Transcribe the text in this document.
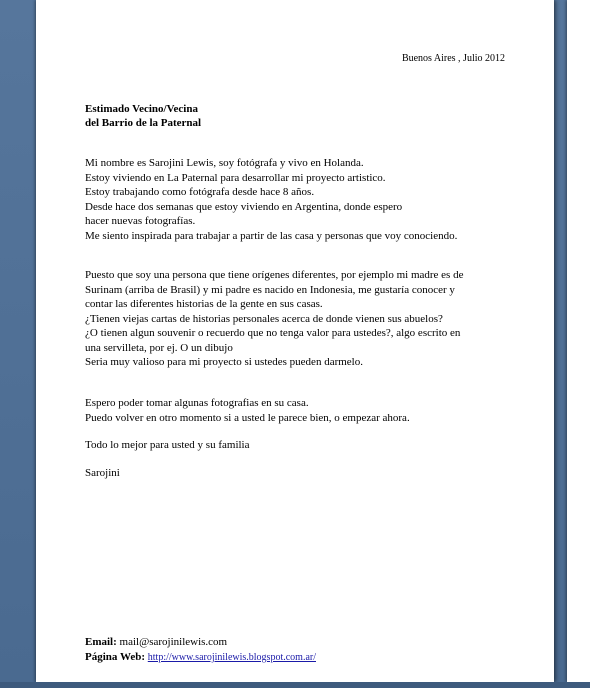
Buenos Aires , Julio 2012
Estimado Vecino/Vecina
del Barrio de la Paternal
Mi nombre es Sarojini Lewis, soy fotógrafa y vivo en Holanda.
Estoy viviendo en La Paternal para desarrollar mi proyecto artistico.
Estoy trabajando como fotógrafa desde hace 8 años.
Desde hace dos semanas que estoy viviendo en Argentina, donde espero
hacer nuevas fotografías.
Me siento inspirada para trabajar a partir de las casa y personas que voy conociendo.
Puesto que soy una persona que tiene orígenes diferentes, por ejemplo mi madre es de
Surinam (arriba de Brasil) y mi padre es nacido en Indonesia, me gustaría conocer y
contar las diferentes historias de la gente en sus casas.
¿Tienen viejas cartas de historias personales acerca de donde vienen sus abuelos?
¿O tienen algun souvenir o recuerdo que no tenga valor para ustedes?, algo escrito en
una servilleta, por ej. O un dibujo
Seria muy valioso para mi proyecto si ustedes pueden darmelo.
Espero poder tomar algunas fotografias en su casa.
Puedo volver en otro momento si a usted le parece bien, o empezar ahora.
Todo lo mejor para usted y su familia
Sarojini
Email: mail@sarojinilewis.com
Página Web: http://www.sarojinilewis.blogspot.com.ar/
